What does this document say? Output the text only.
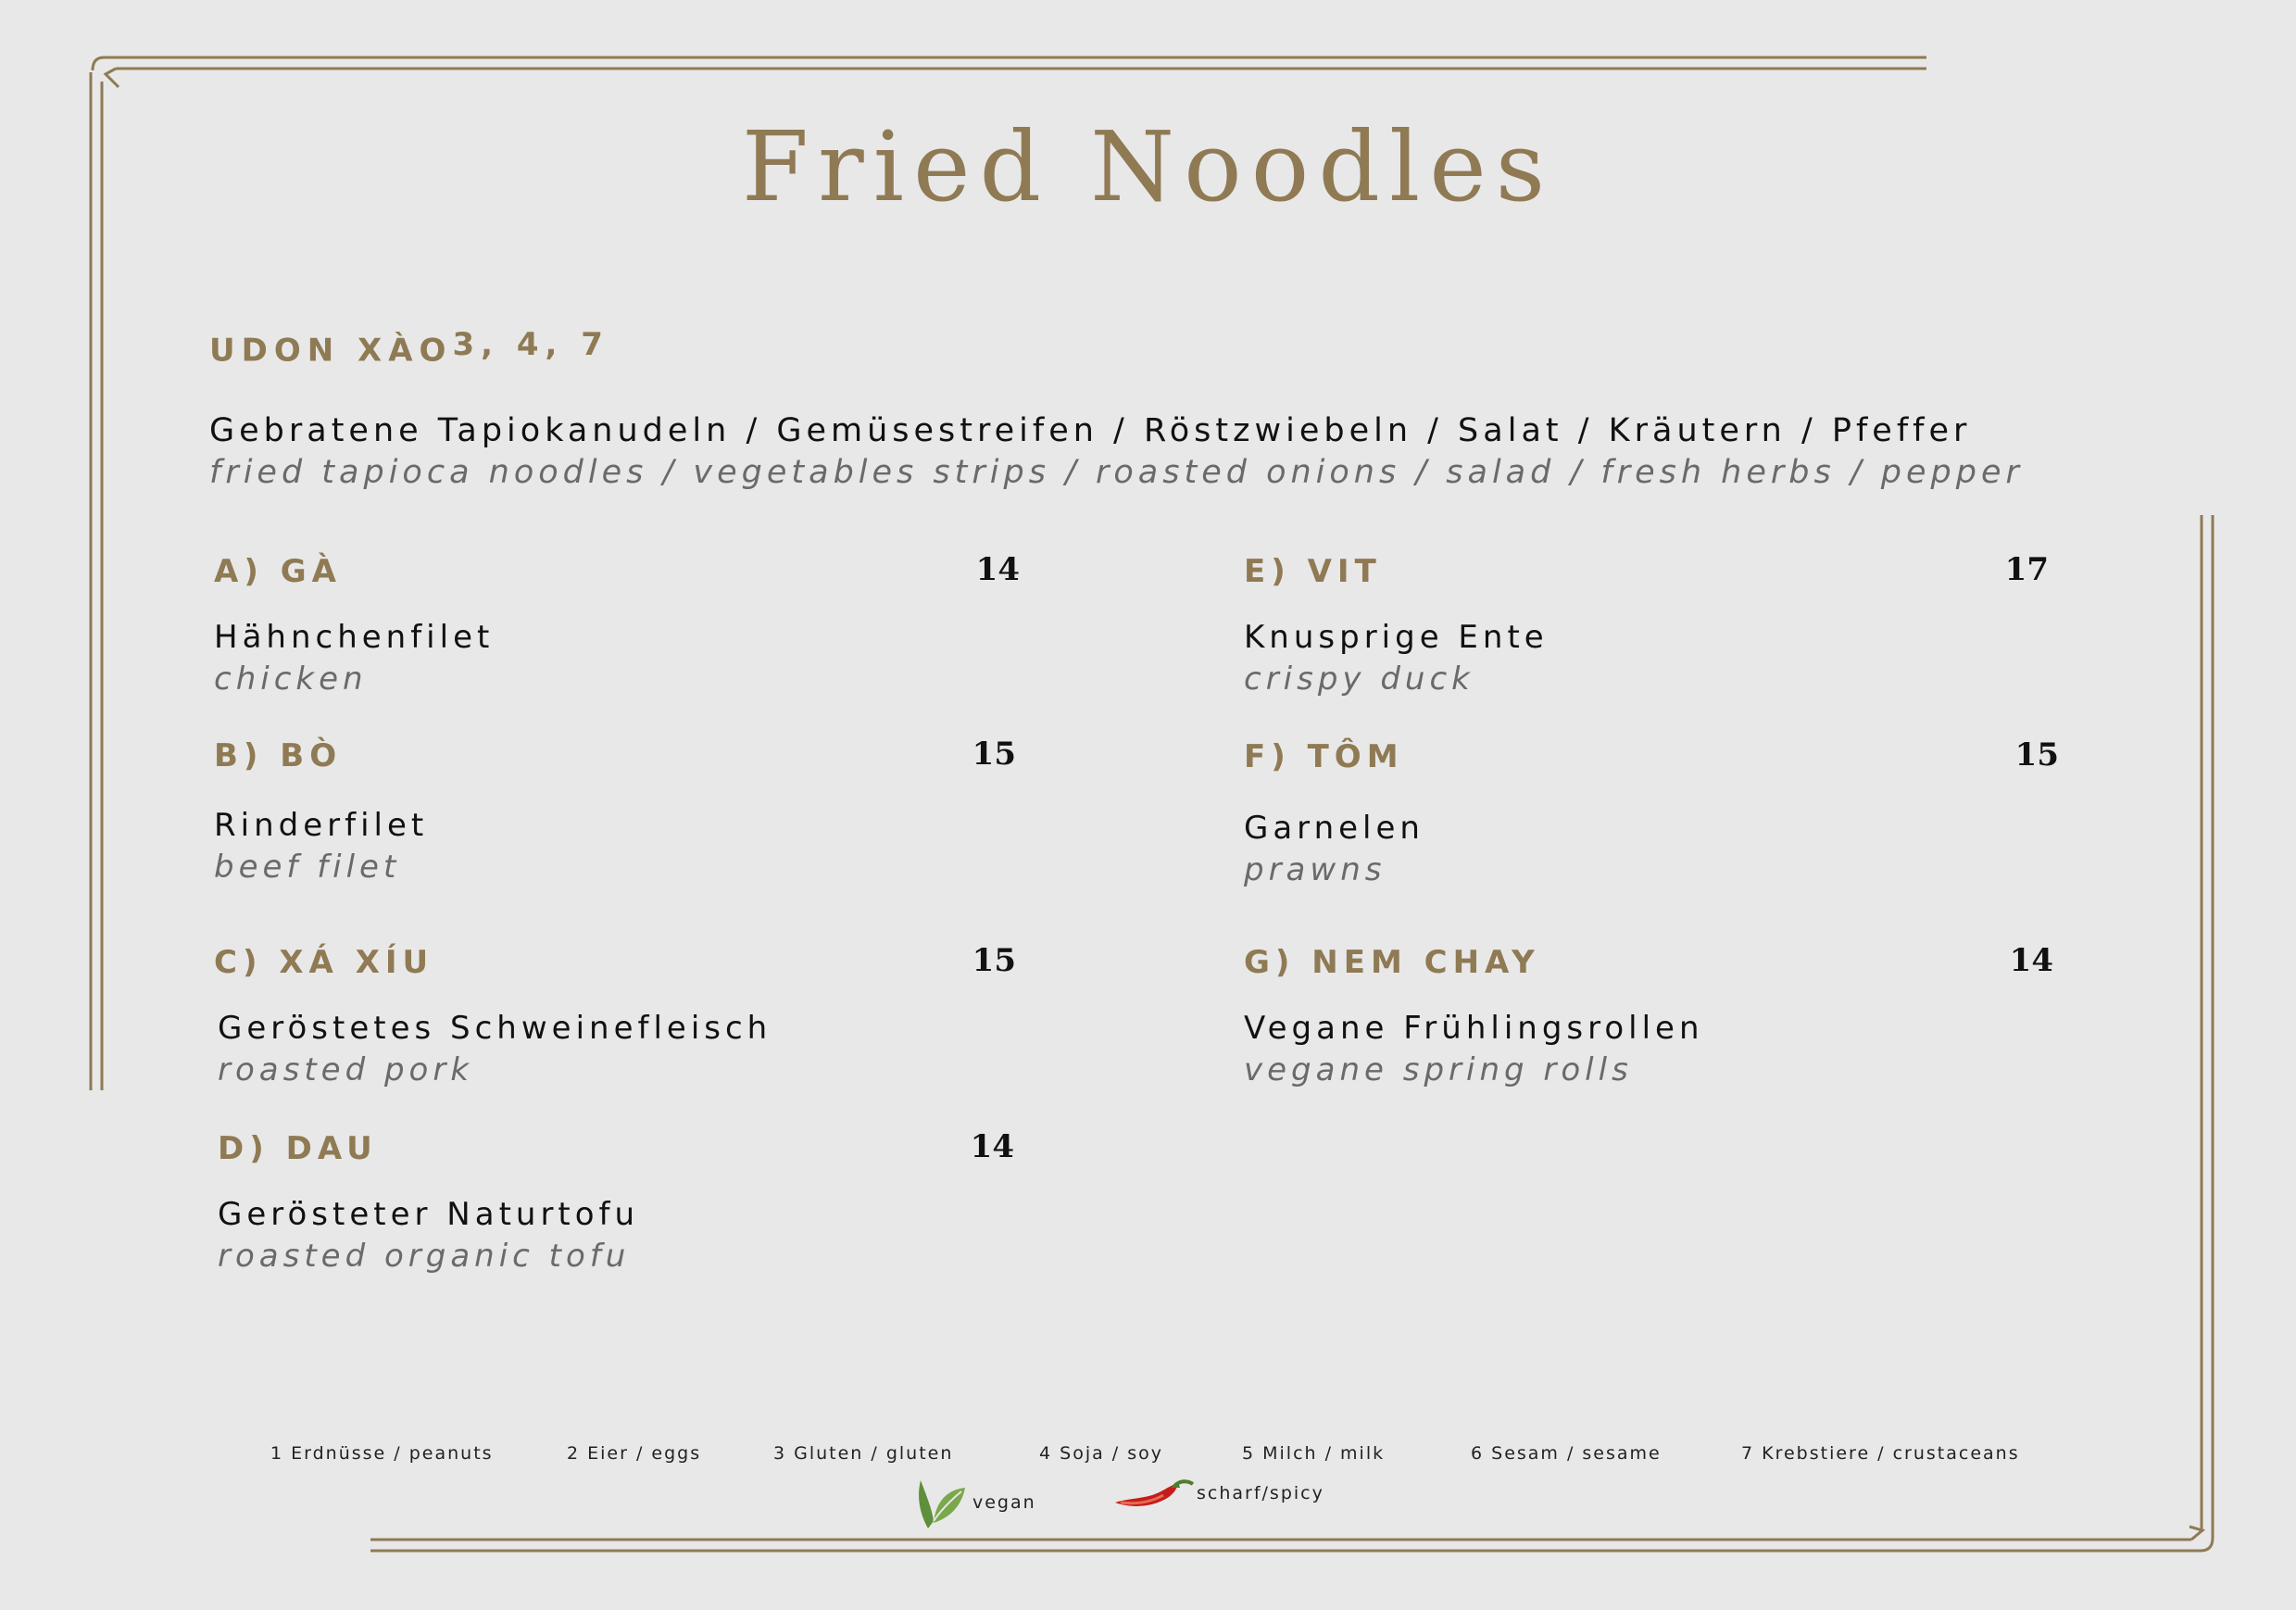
Fried Noodles
UDON XÀO$^{3, 4, 7}$
Gebratene Tapiokanudeln / Gemüsestreifen / Röstzwiebeln / Salat / Kräutern / Pfeffer
fried tapioca noodles / vegetables strips / roasted onions / salad / fresh herbs / pepper
A) GÀ	14
Hähnchenfilet
chicken
B) BÒ	15
Rinderfilet
beef filet
C) XÁ XÍU	15
Geröstetes Schweinefleisch
roasted pork
D) DAU	14
Gerösteter Naturtofu
roasted organic tofu
E) VIT	17
Knusprige Ente
crispy duck
F) TÔM	15
Garnelen
prawns
G) NEM CHAY	14
Vegane Frühlingsrollen
vegane spring rolls
1 Erdnüsse / peanuts	2 Eier / eggs	3 Gluten / gluten	4 Soja / soy	5 Milch / milk	6 Sesam / sesame	7 Krebstiere / crustaceans
vegan	scharf/spicy
